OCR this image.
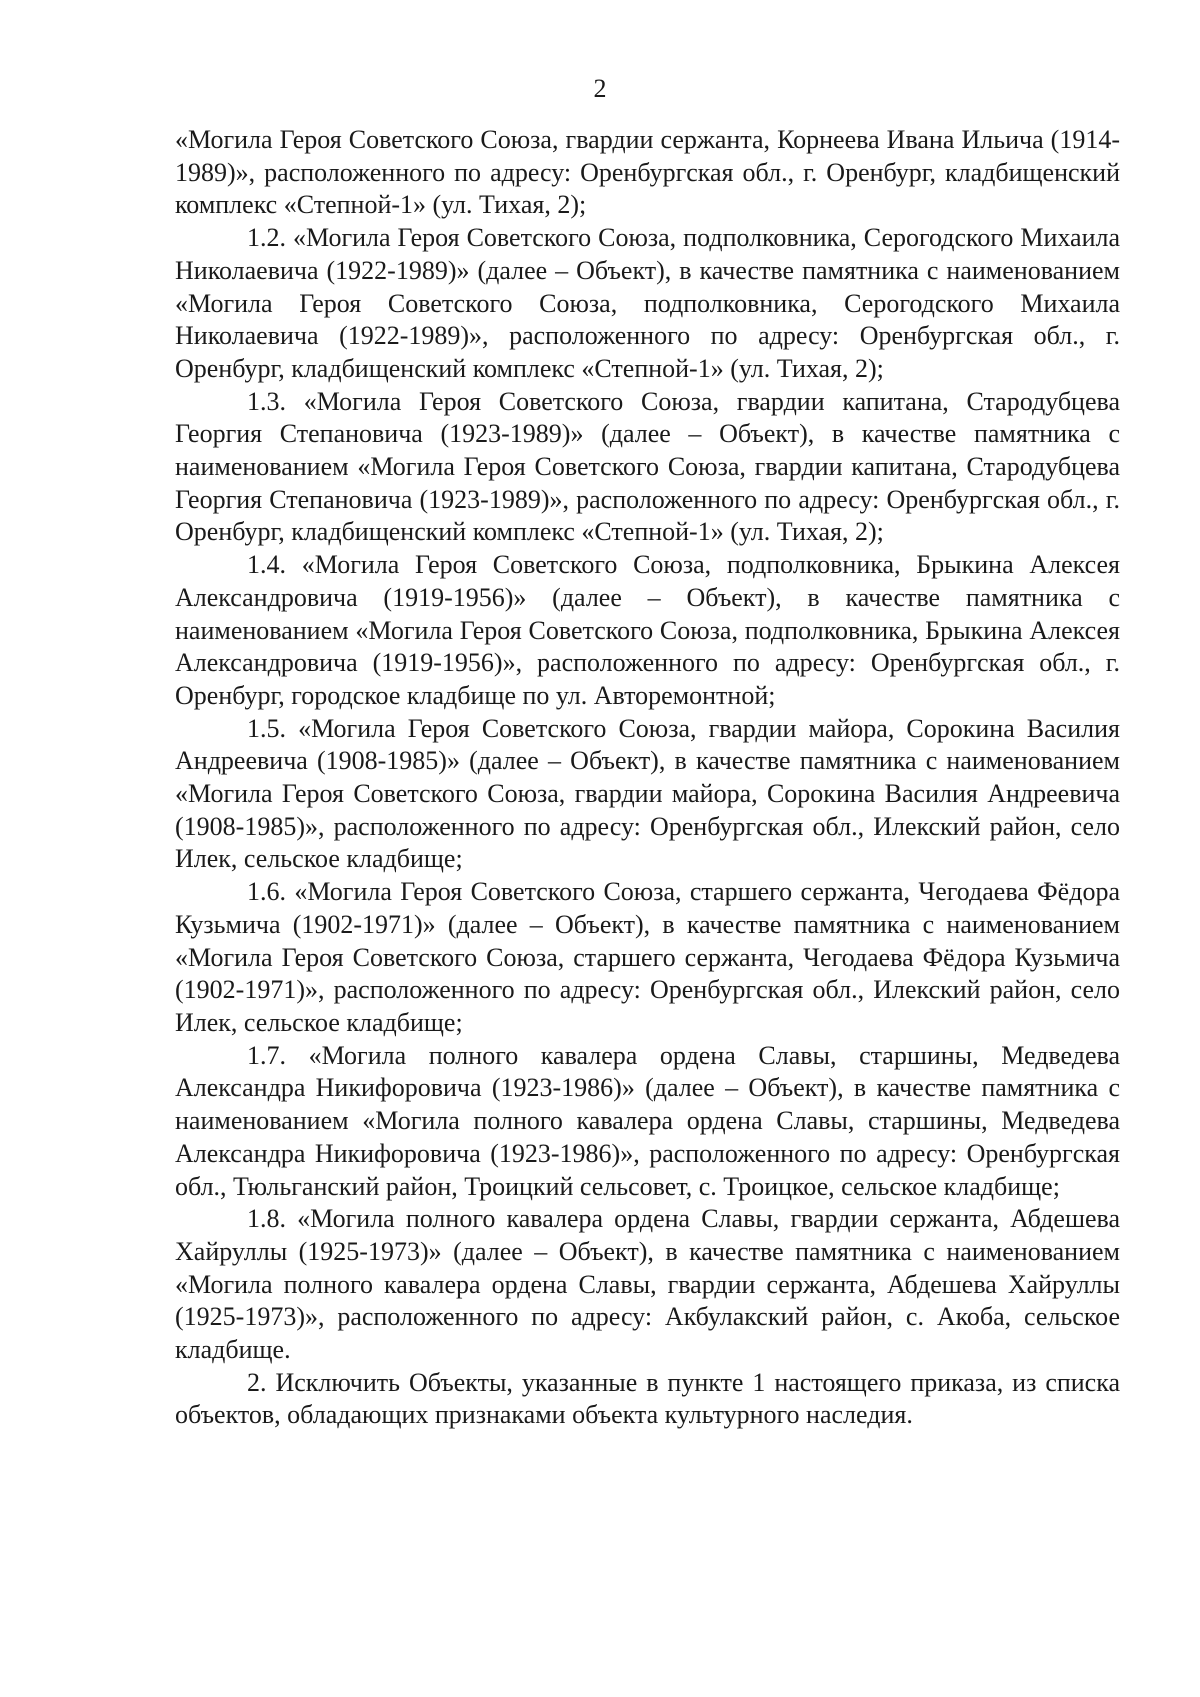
2

«Могила Героя Советского Союза, гвардии сержанта, Корнеева Ивана Ильича (1914-1989)», расположенного по адресу: Оренбургская обл., г. Оренбург, кладбищенский комплекс «Степной-1» (ул. Тихая, 2);

1.2. «Могила Героя Советского Союза, подполковника, Серогодского Михаила Николаевича (1922-1989)» (далее – Объект), в качестве памятника с наименованием «Могила Героя Советского Союза, подполковника, Серогодского Михаила Николаевича (1922-1989)», расположенного по адресу: Оренбургская обл., г. Оренбург, кладбищенский комплекс «Степной-1» (ул. Тихая, 2);

1.3. «Могила Героя Советского Союза, гвардии капитана, Стародубцева Георгия Степановича (1923-1989)» (далее – Объект), в качестве памятника с наименованием «Могила Героя Советского Союза, гвардии капитана, Стародубцева Георгия Степановича (1923-1989)», расположенного по адресу: Оренбургская обл., г. Оренбург, кладбищенский комплекс «Степной-1» (ул. Тихая, 2);

1.4. «Могила Героя Советского Союза, подполковника, Брыкина Алексея Александровича (1919-1956)» (далее – Объект), в качестве памятника с наименованием «Могила Героя Советского Союза, подполковника, Брыкина Алексея Александровича (1919-1956)», расположенного по адресу: Оренбургская обл., г. Оренбург, городское кладбище по ул. Авторемонтной;

1.5. «Могила Героя Советского Союза, гвардии майора, Сорокина Василия Андреевича (1908-1985)» (далее – Объект), в качестве памятника с наименованием «Могила Героя Советского Союза, гвардии майора, Сорокина Василия Андреевича (1908-1985)», расположенного по адресу: Оренбургская обл., Илекский район, село Илек, сельское кладбище;

1.6. «Могила Героя Советского Союза, старшего сержанта, Чегодаева Фёдора Кузьмича (1902-1971)» (далее – Объект), в качестве памятника с наименованием «Могила Героя Советского Союза, старшего сержанта, Чегодаева Фёдора Кузьмича (1902-1971)», расположенного по адресу: Оренбургская обл., Илекский район, село Илек, сельское кладбище;

1.7. «Могила полного кавалера ордена Славы, старшины, Медведева Александра Никифоровича (1923-1986)» (далее – Объект), в качестве памятника с наименованием «Могила полного кавалера ордена Славы, старшины, Медведева Александра Никифоровича (1923-1986)», расположенного по адресу: Оренбургская обл., Тюльганский район, Троицкий сельсовет, с. Троицкое, сельское кладбище;

1.8. «Могила полного кавалера ордена Славы, гвардии сержанта, Абдешева Хайруллы (1925-1973)» (далее – Объект), в качестве памятника с наименованием «Могила полного кавалера ордена Славы, гвардии сержанта, Абдешева Хайруллы (1925-1973)», расположенного по адресу: Акбулакский район, с. Акоба, сельское кладбище.

2. Исключить Объекты, указанные в пункте 1 настоящего приказа, из списка объектов, обладающих признаками объекта культурного наследия.
